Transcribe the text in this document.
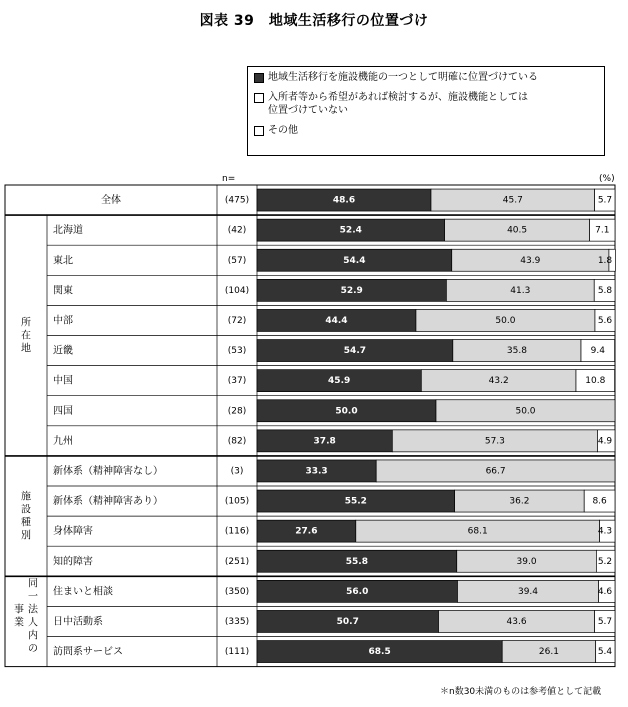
図表 39　地域生活移行の位置づけ
地域生活移行を施設機能の一つとして明確に位置づけている
入所者等から希望があれば検討するが、施設機能としては
位置づけていない
その他
n=	(%)
所
在
地
施
設
種
別
同
一
事 法
業 人
内
の
全体	(475)	48.6	45.7	5.7
北海道	(42)	52.4	40.5	7.1
東北	(57)	54.4	43.9	1.8
関東	(104)	52.9	41.3	5.8
中部	(72)	44.4	50.0	5.6
近畿	(53)	54.7	35.8	9.4
中国	(37)	45.9	43.2	10.8
四国	(28)	50.0	50.0
九州	(82)	37.8	57.3	4.9
新体系（精神障害なし）	(3)	33.3	66.7
新体系（精神障害あり）	(105)	55.2	36.2	8.6
身体障害	(116)	27.6	68.1	4.3
知的障害	(251)	55.8	39.0	5.2
住まいと相談	(350)	56.0	39.4	4.6
日中活動系	(335)	50.7	43.6	5.7
訪問系サービス	(111)	68.5	26.1	5.4
＊n数30未満のものは参考値として記載
